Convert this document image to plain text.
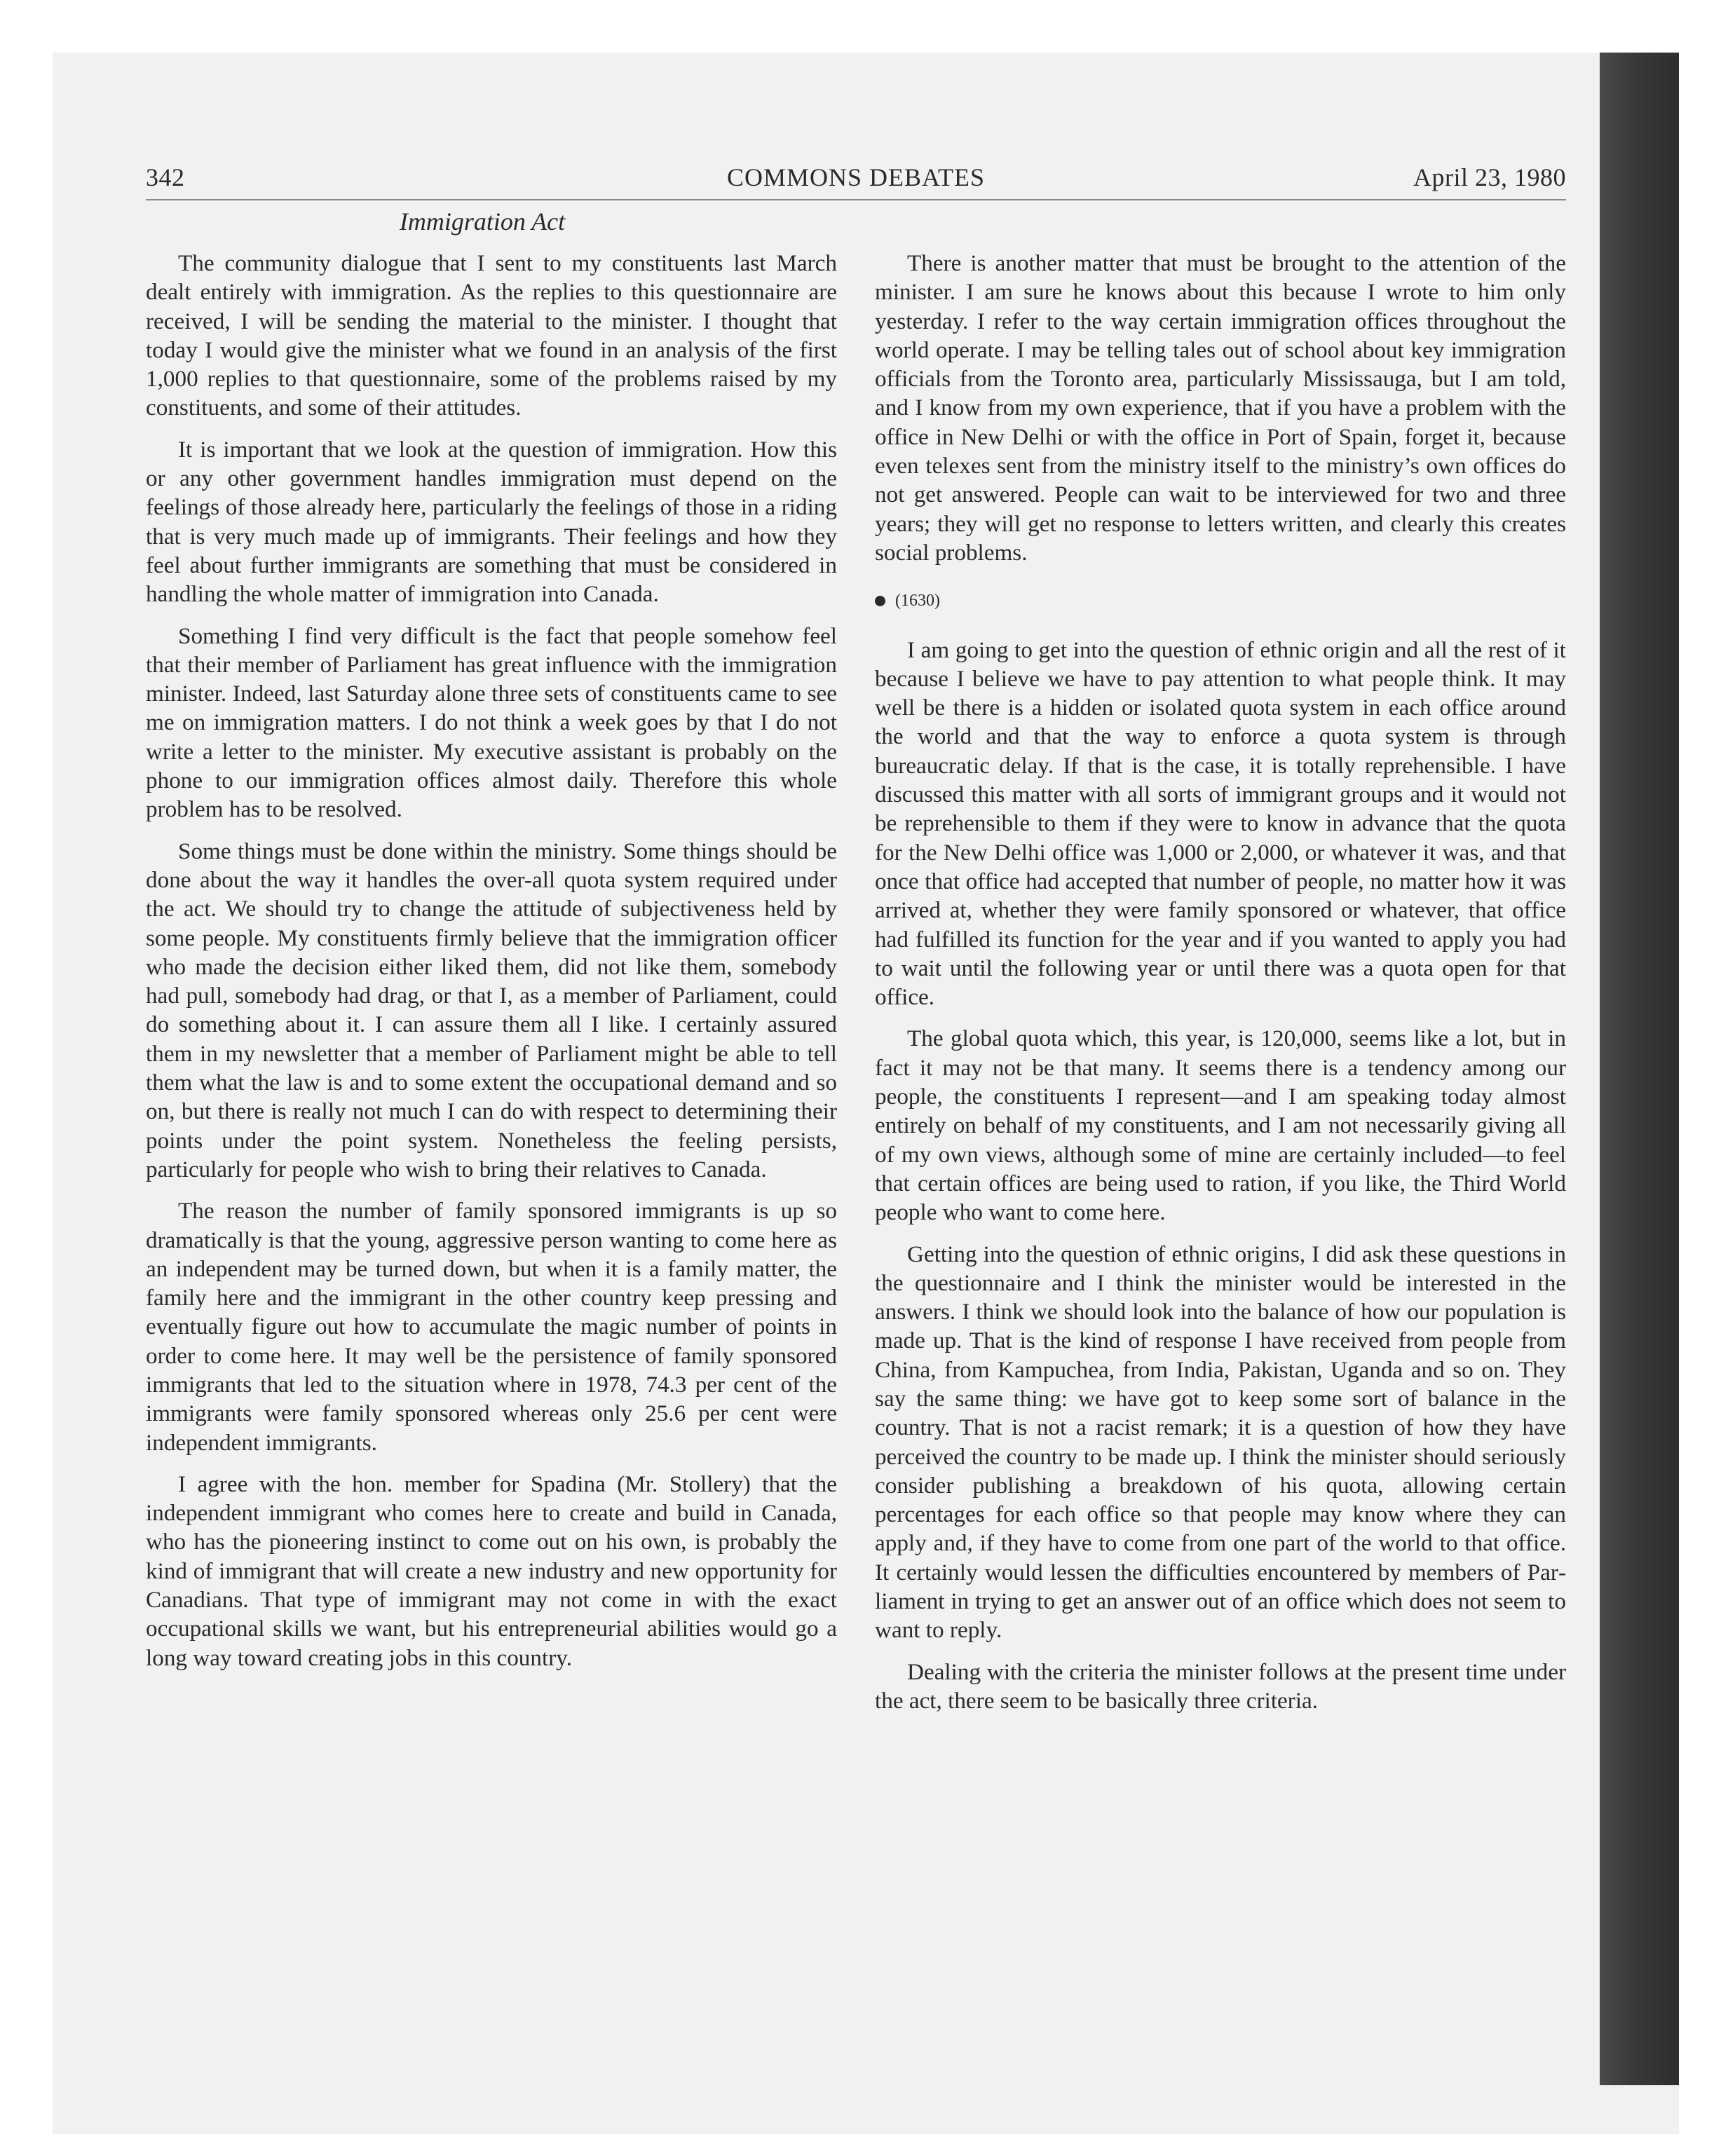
342	COMMONS DEBATES	April 23, 1980
Immigration Act

The community dialogue that I sent to my constituents last March dealt entirely with immigration. As the replies to this questionnaire are received, I will be sending the material to the minister. I thought that today I would give the minister what we found in an analysis of the first 1,000 replies to that questionnaire, some of the problems raised by my constituents, and some of their attitudes.

It is important that we look at the question of immigration. How this or any other government handles immigration must depend on the feelings of those already here, particularly the feelings of those in a riding that is very much made up of immigrants. Their feelings and how they feel about further immigrants are something that must be considered in handling the whole matter of immigration into Canada.

Something I find very difficult is the fact that people somehow feel that their member of Parliament has great influence with the immigration minister. Indeed, last Saturday alone three sets of constituents came to see me on immigration matters. I do not think a week goes by that I do not write a letter to the minister. My executive assistant is probably on the phone to our immigration offices almost daily. Therefore this whole problem has to be resolved.

Some things must be done within the ministry. Some things should be done about the way it handles the over-all quota system required under the act. We should try to change the attitude of subjectiveness held by some people. My constituents firmly believe that the immigration officer who made the decision either liked them, did not like them, somebody had pull, somebody had drag, or that I, as a member of Parliament, could do something about it. I can assure them all I like. I certainly assured them in my newsletter that a member of Parliament might be able to tell them what the law is and to some extent the occupational demand and so on, but there is really not much I can do with respect to determining their points under the point system. Nonetheless the feeling persists, particularly for people who wish to bring their relatives to Canada.

The reason the number of family sponsored immigrants is up so dramatically is that the young, aggressive person wanting to come here as an independent may be turned down, but when it is a family matter, the family here and the immigrant in the other country keep pressing and eventually figure out how to accumulate the magic number of points in order to come here. It may well be the persistence of family sponsored immigrants that led to the situation where in 1978, 74.3 per cent of the immigrants were family sponsored whereas only 25.6 per cent were independent immigrants.

I agree with the hon. member for Spadina (Mr. Stollery) that the independent immigrant who comes here to create and build in Canada, who has the pioneering instinct to come out on his own, is probably the kind of immigrant that will create a new industry and new opportunity for Canadians. That type of immigrant may not come in with the exact occupational skills we want, but his entrepreneurial abilities would go a long way toward creating jobs in this country.

There is another matter that must be brought to the attention of the minister. I am sure he knows about this because I wrote to him only yesterday. I refer to the way certain immigration offices throughout the world operate. I may be telling tales out of school about key immigration officials from the Toronto area, particularly Mississauga, but I am told, and I know from my own experience, that if you have a problem with the office in New Delhi or with the office in Port of Spain, forget it, because even telexes sent from the ministry itself to the ministry’s own offices do not get answered. People can wait to be interviewed for two and three years; they will get no response to letters written, and clearly this creates social problems.

(1630)

I am going to get into the question of ethnic origin and all the rest of it because I believe we have to pay attention to what people think. It may well be there is a hidden or isolated quota system in each office around the world and that the way to enforce a quota system is through bureaucratic delay. If that is the case, it is totally reprehensible. I have discussed this matter with all sorts of immigrant groups and it would not be reprehensible to them if they were to know in advance that the quota for the New Delhi office was 1,000 or 2,000, or whatever it was, and that once that office had accepted that number of people, no matter how it was arrived at, whether they were family sponsored or whatever, that office had fulfilled its function for the year and if you wanted to apply you had to wait until the following year or until there was a quota open for that office.

The global quota which, this year, is 120,000, seems like a lot, but in fact it may not be that many. It seems there is a tendency among our people, the constituents I represent—and I am speaking today almost entirely on behalf of my constituents, and I am not necessarily giving all of my own views, although some of mine are certainly included—to feel that certain offices are being used to ration, if you like, the Third World people who want to come here.

Getting into the question of ethnic origins, I did ask these questions in the questionnaire and I think the minister would be interested in the answers. I think we should look into the balance of how our population is made up. That is the kind of response I have received from people from China, from Kampuchea, from India, Pakistan, Uganda and so on. They say the same thing: we have got to keep some sort of balance in the country. That is not a racist remark; it is a question of how they have perceived the country to be made up. I think the minister should seriously consider publishing a breakdown of his quota, allowing certain percentages for each office so that people may know where they can apply and, if they have to come from one part of the world to that office. It certainly would lessen the difficulties encountered by members of Parliament in trying to get an answer out of an office which does not seem to want to reply.

Dealing with the criteria the minister follows at the present time under the act, there seem to be basically three criteria.
